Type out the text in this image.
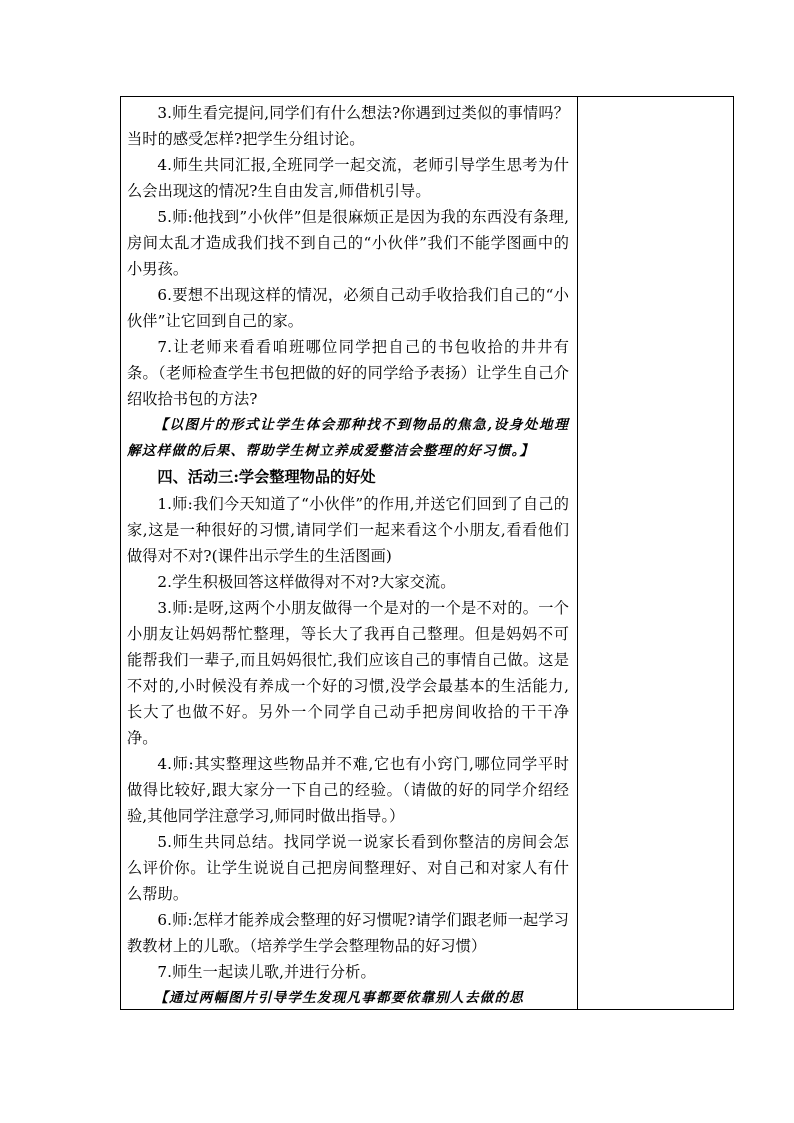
3.师生看完提问,同学们有什么想法?你遇到过类似的事情吗？当时的感受怎样?把学生分组讨论。

4.师生共同汇报,全班同学一起交流，老师引导学生思考为什么会出现这的情况?生自由发言,师借机引导。

5.师:他找到”小伙伴”但是很麻烦正是因为我的东西没有条理,房间太乱才造成我们找不到自己的“小伙伴”我们不能学图画中的小男孩。

6.要想不出现这样的情况，必须自己动手收拾我们自己的“小伙伴”让它回到自己的家。

7.让老师来看看咱班哪位同学把自己的书包收拾的井井有条。（老师检查学生书包把做的好的同学给予表扬）让学生自己介绍收拾书包的方法?

【以图片的形式让学生体会那种找不到物品的焦急,设身处地理解这样做的后果、帮助学生树立养成爱整洁会整理的好习惯。】

四、活动三:学会整理物品的好处

1.师:我们今天知道了“小伙伴”的作用,并送它们回到了自己的家,这是一种很好的习惯,请同学们一起来看这个小朋友,看看他们做得对不对?(课件出示学生的生活图画)

2.学生积极回答这样做得对不对?大家交流。

3.师:是呀,这两个小朋友做得一个是对的一个是不对的。一个小朋友让妈妈帮忙整理，等长大了我再自己整理。但是妈妈不可能帮我们一辈子,而且妈妈很忙,我们应该自己的事情自己做。这是不对的,小时候没有养成一个好的习惯,没学会最基本的生活能力,长大了也做不好。另外一个同学自己动手把房间收拾的干干净净。

4.师:其实整理这些物品并不难,它也有小窍门,哪位同学平时做得比较好,跟大家分一下自己的经验。（请做的好的同学介绍经验,其他同学注意学习,师同时做出指导。）

5.师生共同总结。找同学说一说家长看到你整洁的房间会怎么评价你。让学生说说自己把房间整理好、对自己和对家人有什么帮助。

6.师:怎样才能养成会整理的好习惯呢?请学们跟老师一起学习教教材上的儿歌。（培养学生学会整理物品的好习惯）

7.师生一起读儿歌,并进行分析。

【通过两幅图片引导学生发现凡事都要依靠别人去做的思
